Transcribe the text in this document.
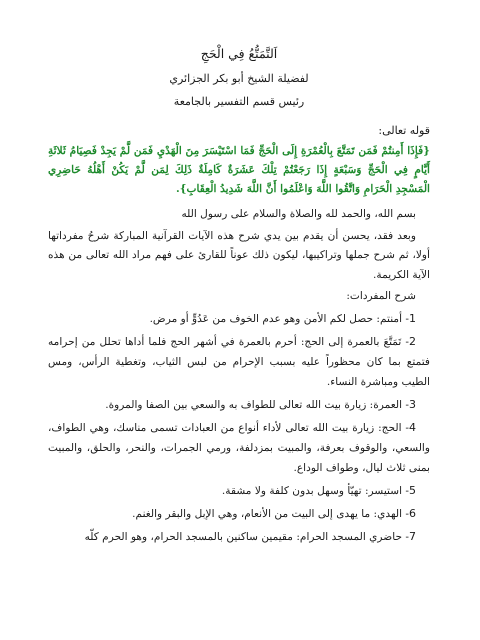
اَلتَّمَتُّعُ فِي الْحَجِ
لفضيلة الشيخ أبو بكر الجزائري
رئيس قسم التفسير بالجامعة
قوله تعالى:
{فَإِذَا أَمِنتُمْ فَمَن تَمَتَّعَ بِالْعُمْرَةِ إِلَى الْحَجِّ فَمَا اسْتَيْسَرَ مِنَ الْهَدْيِ فَمَن لَّمْ يَجِدْ فَصِيَامُ ثَلاثَةِ أَيَّامٍ فِي الْحَجِّ وَسَبْعَةٍ إِذَا رَجَعْتُمْ تِلْكَ عَشَرَةٌ كَامِلَةٌ ذَلِكَ لِمَن لَّمْ يَكُنْ أَهْلُهُ حَاضِرِي الْمَسْجِدِ الْحَرَامِ وَاتَّقُوا اللَّهَ وَاعْلَمُوا أَنَّ اللَّهَ شَدِيدُ الْعِقَابِ}.
بسم الله، والحمد لله والصلاة والسلام على رسول الله
وبعد فقد، يحسن أن يقدم بين يدي شرح هذه الآيات القرآنية المباركة شرحُ مفرداتها أولا، ثم شرح جملها وتراكيبها، ليكون ذلك عوناً للقارئ على فهم مراد الله تعالى من هذه الآية الكريمة.
شرح المفردات:
1- أمنتم: حصل لكم الأمن وهو عدم الخوف من عَدُوٍّ أو مرض.
2- تَمَتَّعَ بالعمرة إلى الحج: أحرم بالعمرة في أشهر الحج فلما أداها تحلل من إحرامه فتمتع بما كان محظوراً عليه بسبب الإحرام من لبس الثياب، وتغطية الرأس، ومس الطيب ومباشرة النساء.
3- العمرة: زيارة بيت الله تعالى للطواف به والسعي بين الصفا والمروة.
4- الحج: زيارة بيت الله تعالى لأداء أنواع من العبادات تسمى مناسك، وهي الطواف، والسعي، والوقوف بعرفة، والمبيت بمزدلفة، ورمي الجمرات، والنحر، والحلق، والمبيت بمنى ثلاث ليال، وطواف الوداع.
5- استيسر: تهيّأ وسهل بدون كلفة ولا مشقة.
6- الهدي: ما يهدى إلى البيت من الأنعام، وهي الإبل والبقر والغنم.
7- حاضري المسجد الحرام: مقيمين ساكنين بالمسجد الحرام، وهو الحرم كلّه
